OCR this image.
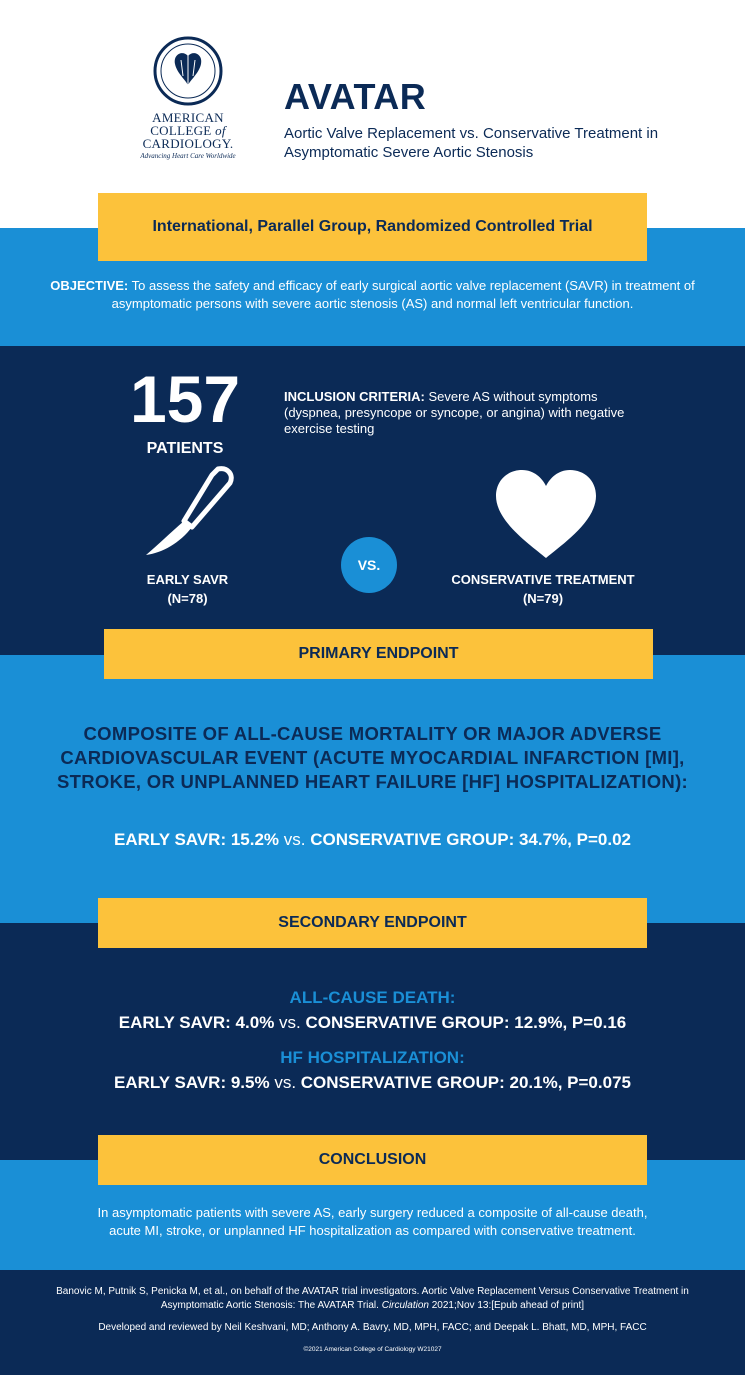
AMERICAN
COLLEGE of
CARDIOLOGY.
Advancing Heart Care Worldwide
AVATAR
Aortic Valve Replacement vs. Conservative Treatment in Asymptomatic Severe Aortic Stenosis
International, Parallel Group, Randomized Controlled Trial
OBJECTIVE: To assess the safety and efficacy of early surgical aortic valve replacement (SAVR) in treatment of asymptomatic persons with severe aortic stenosis (AS) and normal left ventricular function.
157
PATIENTS
INCLUSION CRITERIA: Severe AS without symptoms (dyspnea, presyncope or syncope, or angina) with negative exercise testing
VS.
EARLY SAVR
(N=78)
CONSERVATIVE TREATMENT
(N=79)
PRIMARY ENDPOINT
COMPOSITE OF ALL-CAUSE MORTALITY OR MAJOR ADVERSE CARDIOVASCULAR EVENT (ACUTE MYOCARDIAL INFARCTION [MI], STROKE, OR UNPLANNED HEART FAILURE [HF] HOSPITALIZATION):
EARLY SAVR: 15.2% vs. CONSERVATIVE GROUP: 34.7%, P=0.02
SECONDARY ENDPOINT
ALL-CAUSE DEATH:
EARLY SAVR: 4.0% vs. CONSERVATIVE GROUP: 12.9%, P=0.16
HF HOSPITALIZATION:
EARLY SAVR: 9.5% vs. CONSERVATIVE GROUP: 20.1%, P=0.075
CONCLUSION
In asymptomatic patients with severe AS, early surgery reduced a composite of all-cause death, acute MI, stroke, or unplanned HF hospitalization as compared with conservative treatment.
Banovic M, Putnik S, Penicka M, et al., on behalf of the AVATAR trial investigators. Aortic Valve Replacement Versus Conservative Treatment in Asymptomatic Aortic Stenosis: The AVATAR Trial. Circulation 2021;Nov 13:[Epub ahead of print]
Developed and reviewed by Neil Keshvani, MD; Anthony A. Bavry, MD, MPH, FACC; and Deepak L. Bhatt, MD, MPH, FACC
©2021 American College of Cardiology W21027
